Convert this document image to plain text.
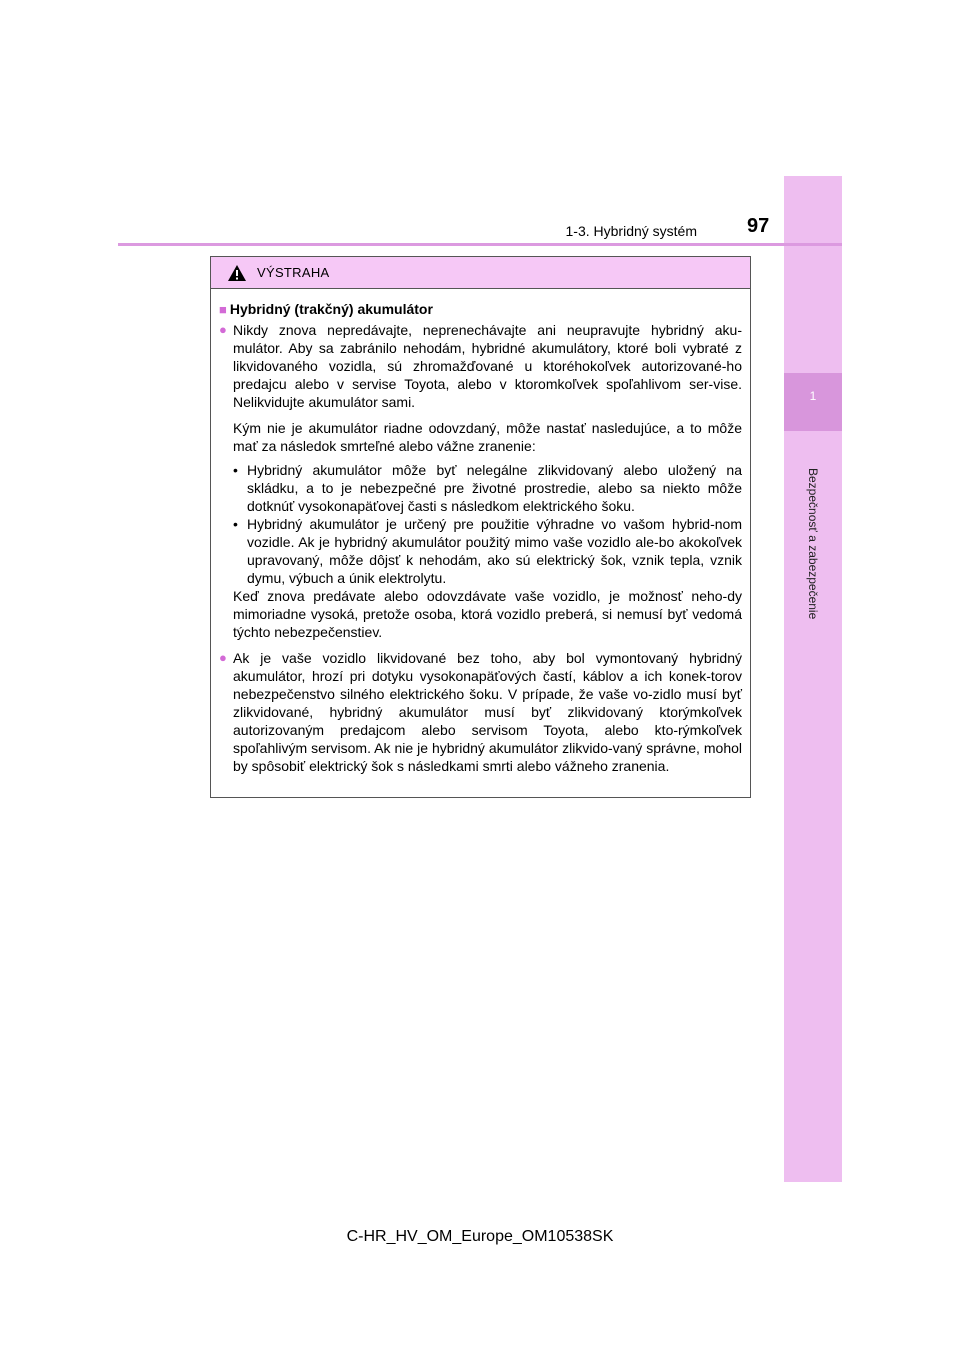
1
Bezpečnosť a zabezpečenie
1-3. Hybridný systém	97
VÝSTRAHA
■ Hybridný (trakčný) akumulátor
● Nikdy znova nepredávajte, neprenechávajte ani neupravujte hybridný aku-mulátor. Aby sa zabránilo nehodám, hybridné akumulátory, ktoré boli vybraté z likvidovaného vozidla, sú zhromažďované u ktoréhokoľvek autorizované-ho predajcu alebo v servise Toyota, alebo v ktoromkoľvek spoľahlivom ser-vise. Nelikvidujte akumulátor sami.
Kým nie je akumulátor riadne odovzdaný, môže nastať nasledujúce, a to môže mať za následok smrteľné alebo vážne zranenie:
• Hybridný akumulátor môže byť nelegálne zlikvidovaný alebo uložený na skládku, a to je nebezpečné pre životné prostredie, alebo sa niekto môže dotknúť vysokonapäťovej časti s následkom elektrického šoku.
• Hybridný akumulátor je určený pre použitie výhradne vo vašom hybrid-nom vozidle. Ak je hybridný akumulátor použitý mimo vaše vozidlo ale-bo akokoľvek upravovaný, môže dôjsť k nehodám, ako sú elektrický šok, vznik tepla, vznik dymu, výbuch a únik elektrolytu.
Keď znova predávate alebo odovzdávate vaše vozidlo, je možnosť neho-dy mimoriadne vysoká, pretože osoba, ktorá vozidlo preberá, si nemusí byť vedomá týchto nebezpečenstiev.
● Ak je vaše vozidlo likvidované bez toho, aby bol vymontovaný hybridný akumulátor, hrozí pri dotyku vysokonapäťových častí, káblov a ich konek-torov nebezpečenstvo silného elektrického šoku. V prípade, že vaše vo-zidlo musí byť zlikvidované, hybridný akumulátor musí byť zlikvidovaný ktorýmkoľvek autorizovaným predajcom alebo servisom Toyota, alebo kto-rýmkoľvek spoľahlivým servisom. Ak nie je hybridný akumulátor zlikvido-vaný správne, mohol by spôsobiť elektrický šok s následkami smrti alebo vážneho zranenia.
C-HR_HV_OM_Europe_OM10538SK
